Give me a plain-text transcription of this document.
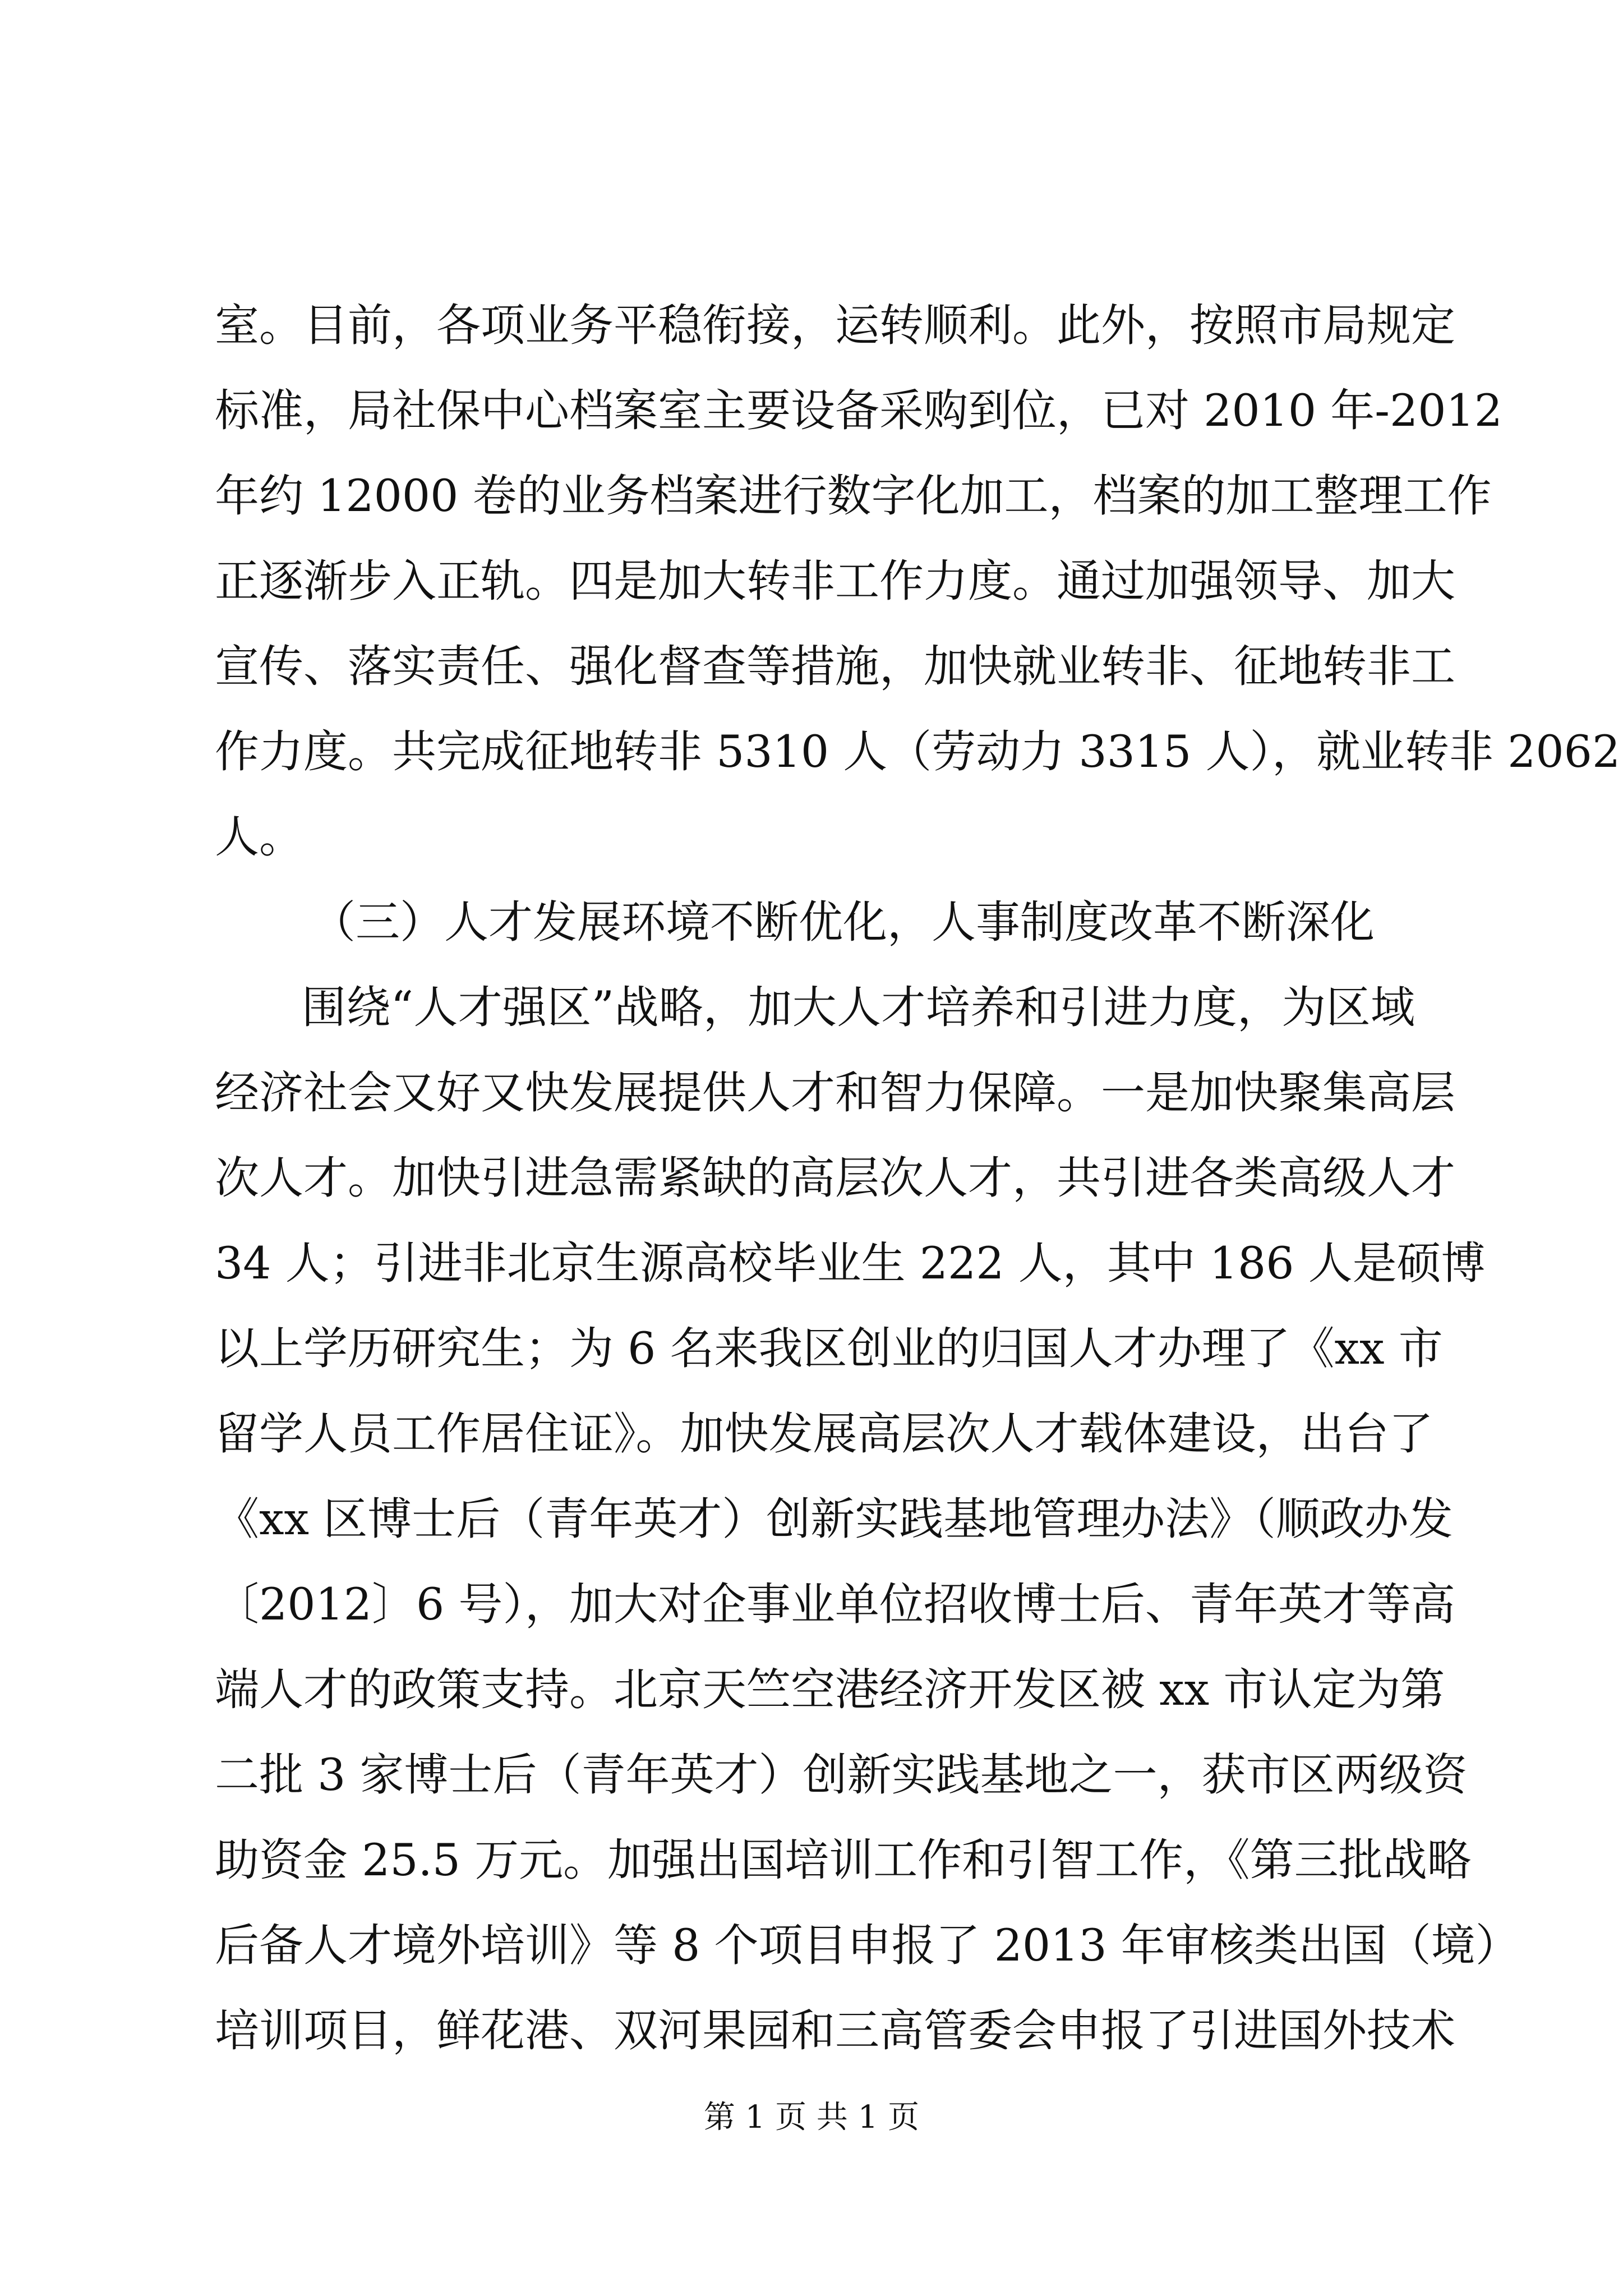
室。目前，各项业务平稳衔接，运转顺利。此外，按照市局规定
标准，局社保中心档案室主要设备采购到位，已对 2010 年-2012
年约 12000 卷的业务档案进行数字化加工，档案的加工整理工作
正逐渐步入正轨。四是加大转非工作力度。通过加强领导、加大
宣传、落实责任、强化督查等措施，加快就业转非、征地转非工
作力度。共完成征地转非 5310 人（劳动力 3315 人），就业转非 2062
人。
（三）人才发展环境不断优化，人事制度改革不断深化
围绕“人才强区”战略，加大人才培养和引进力度，为区域
经济社会又好又快发展提供人才和智力保障。一是加快聚集高层
次人才。加快引进急需紧缺的高层次人才，共引进各类高级人才
34 人；引进非北京生源高校毕业生 222 人，其中 186 人是硕博
以上学历研究生；为 6 名来我区创业的归国人才办理了《xx 市
留学人员工作居住证》。加快发展高层次人才载体建设，出台了
《xx 区博士后（青年英才）创新实践基地管理办法》（顺政办发
〔2012〕6 号），加大对企事业单位招收博士后、青年英才等高
端人才的政策支持。北京天竺空港经济开发区被 xx 市认定为第
二批 3 家博士后（青年英才）创新实践基地之一，获市区两级资
助资金 25.5 万元。加强出国培训工作和引智工作，《第三批战略
后备人才境外培训》等 8 个项目申报了 2013 年审核类出国（境）
培训项目，鲜花港、双河果园和三高管委会申报了引进国外技术
第 1 页 共 1 页
